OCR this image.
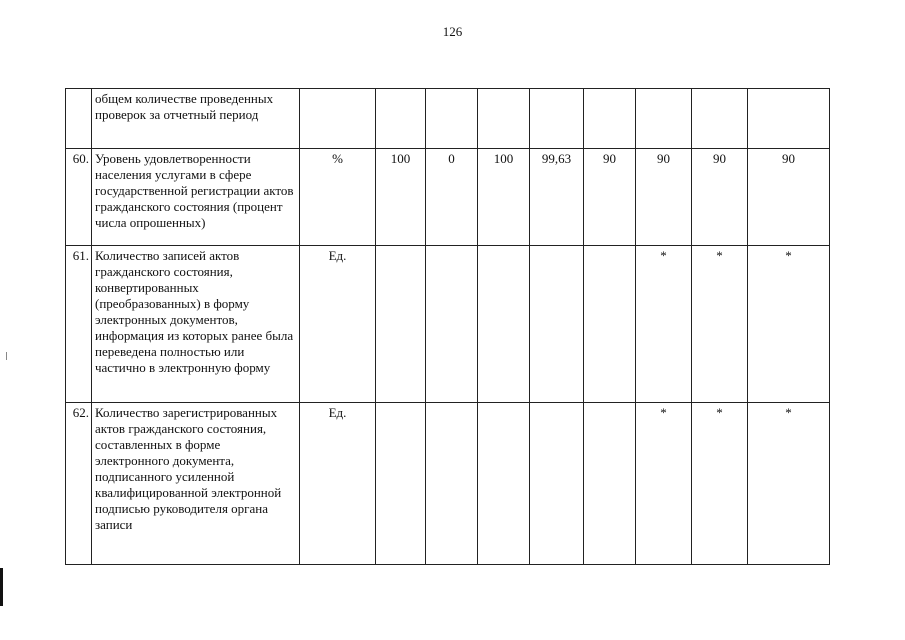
126
	общем количестве проведенных проверок за отчетный период									
60.	Уровень удовлетворенности населения услугами в сфере государственной регистрации актов гражданского состояния (процент числа опрошенных)	%	100	0	100	99,63	90	90	90	90
61.	Количество записей актов гражданского состояния, конвертированных (преобразованных) в форму электронных документов, информация из которых ранее была переведена полностью или частично в электронную форму	Ед.						*	*	*
62.	Количество зарегистрированных актов гражданского состояния, составленных в форме электронного документа, подписанного усиленной квалифицированной электронной подписью руководителя органа записи	Ед.						*	*	*
